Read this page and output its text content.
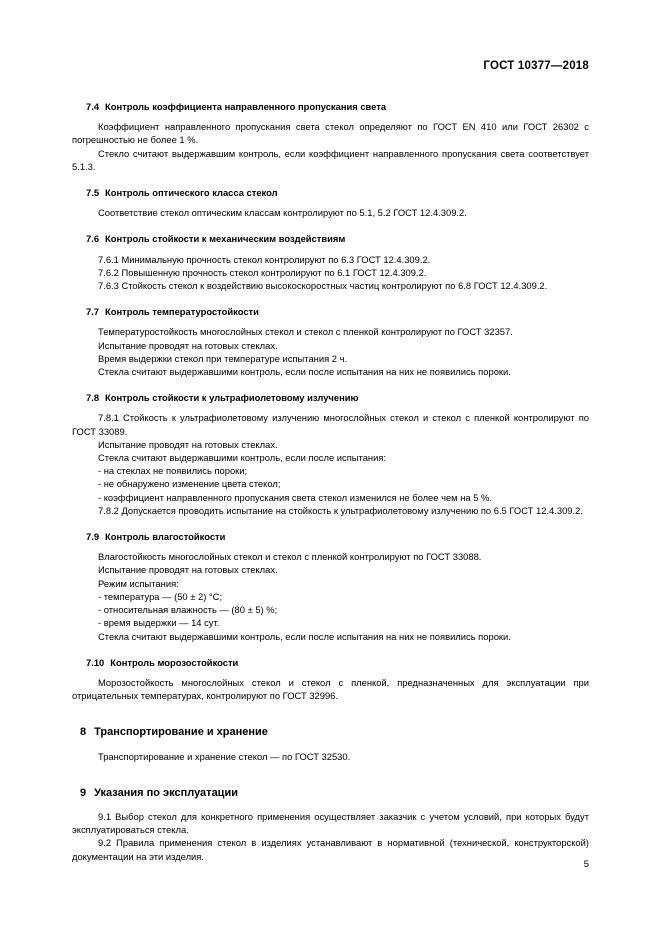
ГОСТ 10377—2018
7.4 Контроль коэффициента направленного пропускания света

Коэффициент направленного пропускания света стекол определяют по ГОСТ EN 410 или ГОСТ 26302 с погрешностью не более 1 %.

Стекло считают выдержавшим контроль, если коэффициент направленного пропускания света соответствует 5.1.3.

7.5 Контроль оптического класса стекол

Соответствие стекол оптическим классам контролируют по 5.1, 5.2 ГОСТ 12.4.309.2.

7.6 Контроль стойкости к механическим воздействиям

7.6.1 Минимальную прочность стекол контролируют по 6.3 ГОСТ 12.4.309.2.

7.6.2 Повышенную прочность стекол контролируют по 6.1 ГОСТ 12.4.309.2.

7.6.3 Стойкость стекол к воздействию высокоскоростных частиц контролируют по 6.8 ГОСТ 12.4.309.2.

7.7 Контроль температуростойкости

Температуростойкость многослойных стекол и стекол с пленкой контролируют по ГОСТ 32357.

Испытание проводят на готовых стеклах.

Время выдержки стекол при температуре испытания 2 ч.

Стекла считают выдержавшими контроль, если после испытания на них не появились пороки.

7.8 Контроль стойкости к ультрафиолетовому излучению

7.8.1 Стойкость к ультрафиолетовому излучению многослойных стекол и стекол с пленкой контролируют по ГОСТ 33089.

Испытание проводят на готовых стеклах.

Стекла считают выдержавшими контроль, если после испытания:

- на стеклах не появились пороки;

- не обнаружено изменение цвета стекол;

- коэффициент направленного пропускания света стекол изменился не более чем на 5 %.

7.8.2 Допускается проводить испытание на стойкость к ультрафиолетовому излучению по 6.5 ГОСТ 12.4.309.2.

7.9 Контроль влагостойкости

Влагостойкость многослойных стекол и стекол с пленкой контролируют по ГОСТ 33088.

Испытание проводят на готовых стеклах.

Режим испытания:

- температура — (50 ± 2) °С;

- относительная влажность — (80 ± 5) %;

- время выдержки — 14 сут.

Стекла считают выдержавшими контроль, если после испытания на них не появились пороки.

7.10 Контроль морозостойкости

Морозостойкость многослойных стекол и стекол с пленкой, предназначенных для эксплуатации при отрицательных температурах, контролируют по ГОСТ 32996.

8 Транспортирование и хранение

Транспортирование и хранение стекол — по ГОСТ 32530.

9 Указания по эксплуатации

9.1 Выбор стекол для конкретного применения осуществляет заказчик с учетом условий, при которых будут эксплуатироваться стекла.

9.2 Правила применения стекол в изделиях устанавливают в нормативной (технической, конструкторской) документации на эти изделия.

5
